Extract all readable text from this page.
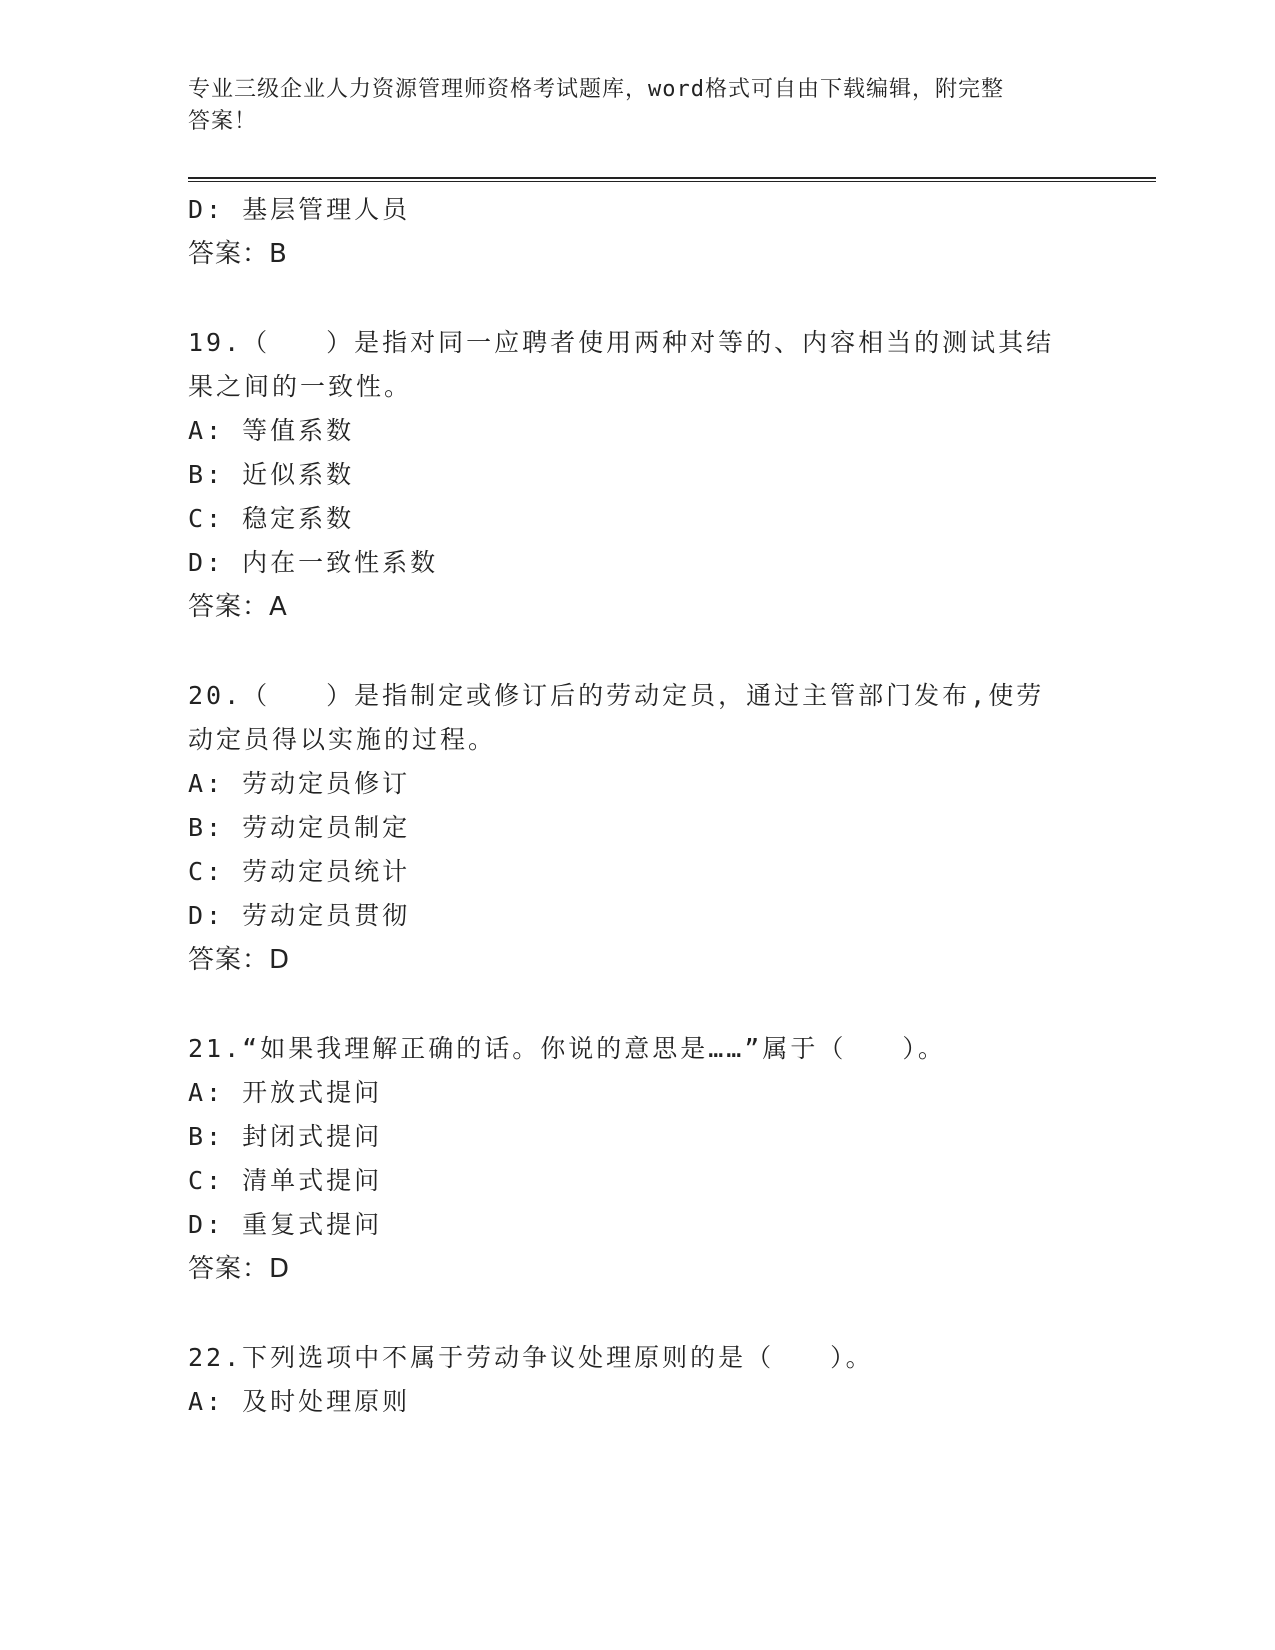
专业三级企业人力资源管理师资格考试题库，word格式可自由下载编辑，附完整
答案！
D: 基层管理人员
答案：B
19.（　　）是指对同一应聘者使用两种对等的、内容相当的测试其结
果之间的一致性。
A: 等值系数
B: 近似系数
C: 稳定系数
D: 内在一致性系数
答案：A
20.（　　）是指制定或修订后的劳动定员，通过主管部门发布,使劳
动定员得以实施的过程。
A: 劳动定员修订
B: 劳动定员制定
C: 劳动定员统计
D: 劳动定员贯彻
答案：D
21.“如果我理解正确的话。你说的意思是……”属于（　　）。
A: 开放式提问
B: 封闭式提问
C: 清单式提问
D: 重复式提问
答案：D
22.下列选项中不属于劳动争议处理原则的是（　　）。
A: 及时处理原则
